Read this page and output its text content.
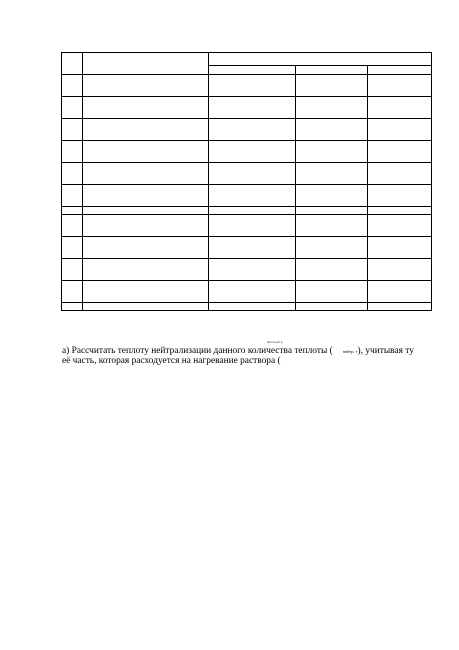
ΔН°нейтр
а) Рассчитать теплоту нейтрализации данного количества теплоты (	нейтр. т), учитывая ту
её часть, которая расходуется на нагревание раствора (
